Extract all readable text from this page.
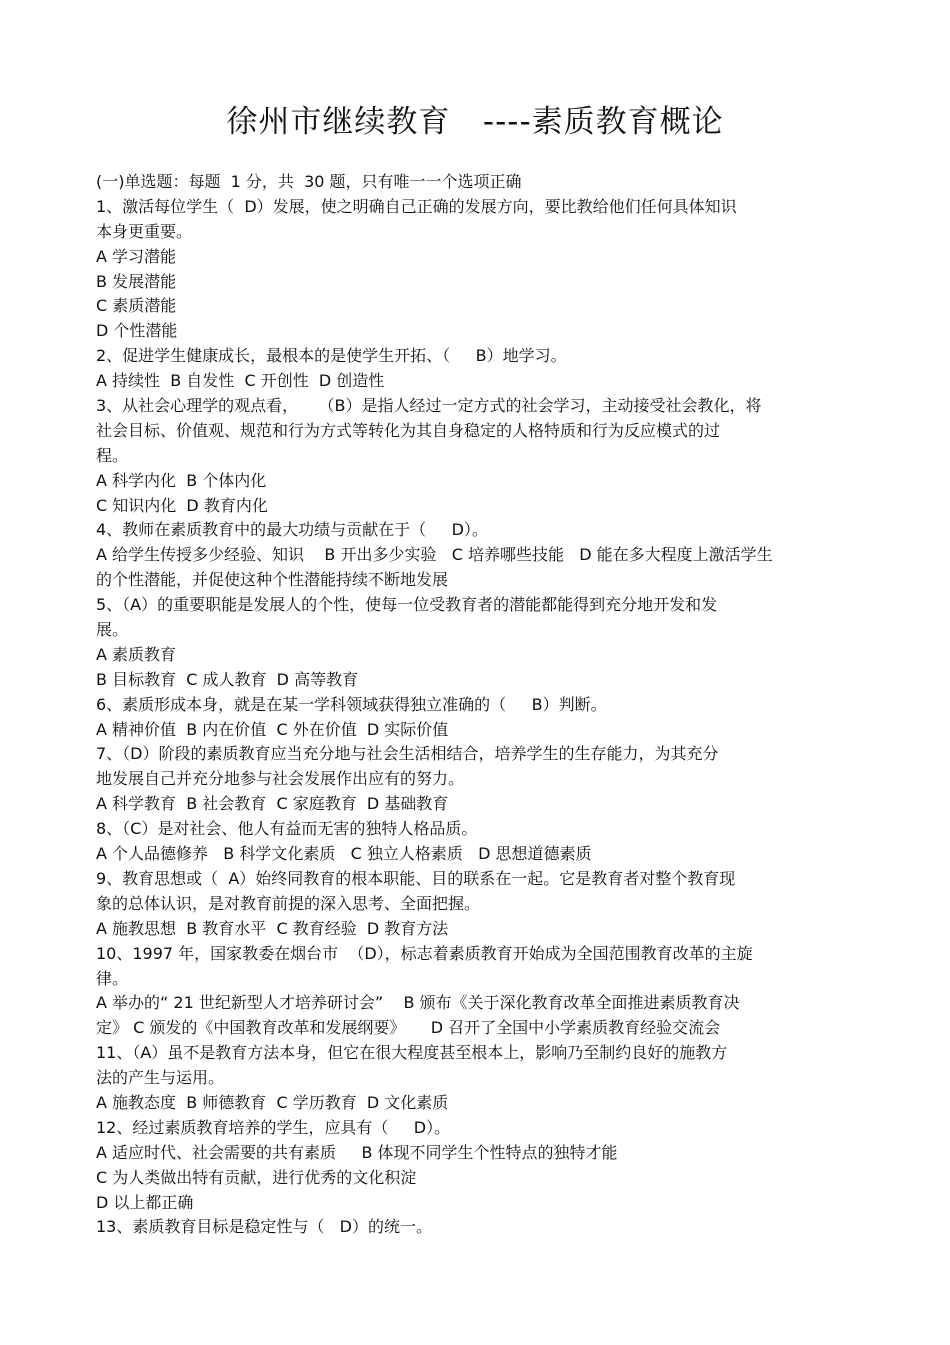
徐州市继续教育   ----素质教育概论
(一)单选题：每题  1 分，共  30 题，只有唯一一个选项正确
1、激活每位学生（  D）发展，使之明确自己正确的发展方向，要比教给他们任何具体知识
本身更重要。
A 学习潜能
B 发展潜能
C 素质潜能
D 个性潜能
2、促进学生健康成长，最根本的是使学生开拓、（     B）地学习。
A 持续性  B 自发性  C 开创性  D 创造性
3、从社会心理学的观点看，    （B）是指人经过一定方式的社会学习，主动接受社会教化，将
社会目标、价值观、规范和行为方式等转化为其自身稳定的人格特质和行为反应模式的过
程。
A 科学内化  B 个体内化
C 知识内化  D 教育内化
4、教师在素质教育中的最大功绩与贡献在于（     D）。
A 给学生传授多少经验、知识    B 开出多少实验   C 培养哪些技能   D 能在多大程度上激活学生
的个性潜能，并促使这种个性潜能持续不断地发展
5、（A）的重要职能是发展人的个性，使每一位受教育者的潜能都能得到充分地开发和发
展。
A 素质教育
B 目标教育  C 成人教育  D 高等教育
6、素质形成本身，就是在某一学科领域获得独立准确的（     B）判断。
A 精神价值  B 内在价值  C 外在价值  D 实际价值
7、（D）阶段的素质教育应当充分地与社会生活相结合，培养学生的生存能力，为其充分
地发展自己并充分地参与社会发展作出应有的努力。
A 科学教育  B 社会教育  C 家庭教育  D 基础教育
8、（C）是对社会、他人有益而无害的独特人格品质。
A 个人品德修养   B 科学文化素质   C 独立人格素质   D 思想道德素质
9、教育思想或（  A）始终同教育的根本职能、目的联系在一起。它是教育者对整个教育现
象的总体认识，是对教育前提的深入思考、全面把握。
A 施教思想  B 教育水平  C 教育经验  D 教育方法
10、1997 年，国家教委在烟台市  （D），标志着素质教育开始成为全国范围教育改革的主旋
律。
A 举办的“ 21 世纪新型人才培养研讨会”    B 颁布《关于深化教育改革全面推进素质教育决
定》 C 颁发的《中国教育改革和发展纲要》     D 召开了全国中小学素质教育经验交流会
11、（A）虽不是教育方法本身，但它在很大程度甚至根本上，影响乃至制约良好的施教方
法的产生与运用。
A 施教态度  B 师德教育  C 学历教育  D 文化素质
12、经过素质教育培养的学生，应具有（     D）。
A 适应时代、社会需要的共有素质     B 体现不同学生个性特点的独特才能
C 为人类做出特有贡献，进行优秀的文化积淀
D 以上都正确
13、素质教育目标是稳定性与（   D）的统一。
